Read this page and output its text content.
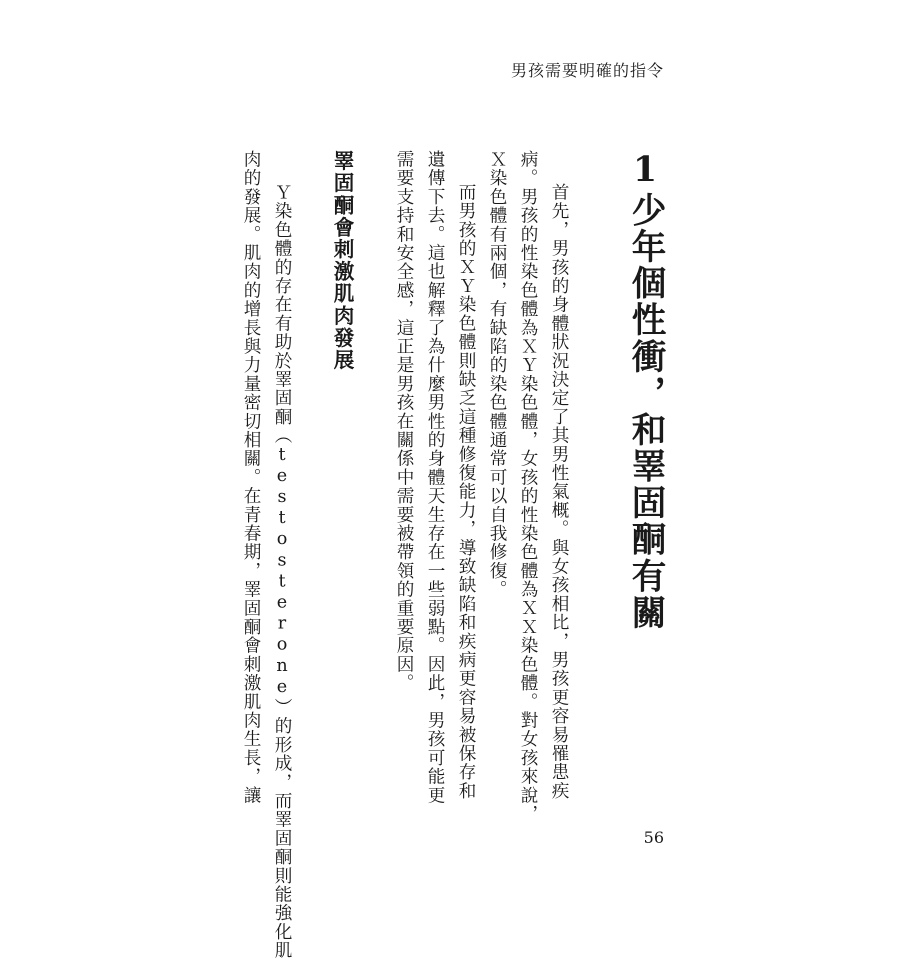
男孩需要明確的指令
1少年個性衝，和睪固酮有關
首先，男孩的身體狀況決定了其男性氣概。與女孩相比，男孩更容易罹患疾
病。男孩的性染色體為ＸＹ染色體，女孩的性染色體為ＸＸ染色體。對女孩來說，
Ｘ染色體有兩個，有缺陷的染色體通常可以自我修復。
而男孩的ＸＹ染色體則缺乏這種修復能力，導致缺陷和疾病更容易被保存和
遺傳下去。這也解釋了為什麼男性的身體天生存在一些弱點。因此，男孩可能更
需要支持和安全感，這正是男孩在關係中需要被帶領的重要原因。
睪固酮會刺激肌肉發展
Ｙ染色體的存在有助於睪固酮（testosterone）的形成，而睪固酮則能強化肌
肉的發展。肌肉的增長與力量密切相關。在青春期，睪固酮會刺激肌肉生長，讓
56
